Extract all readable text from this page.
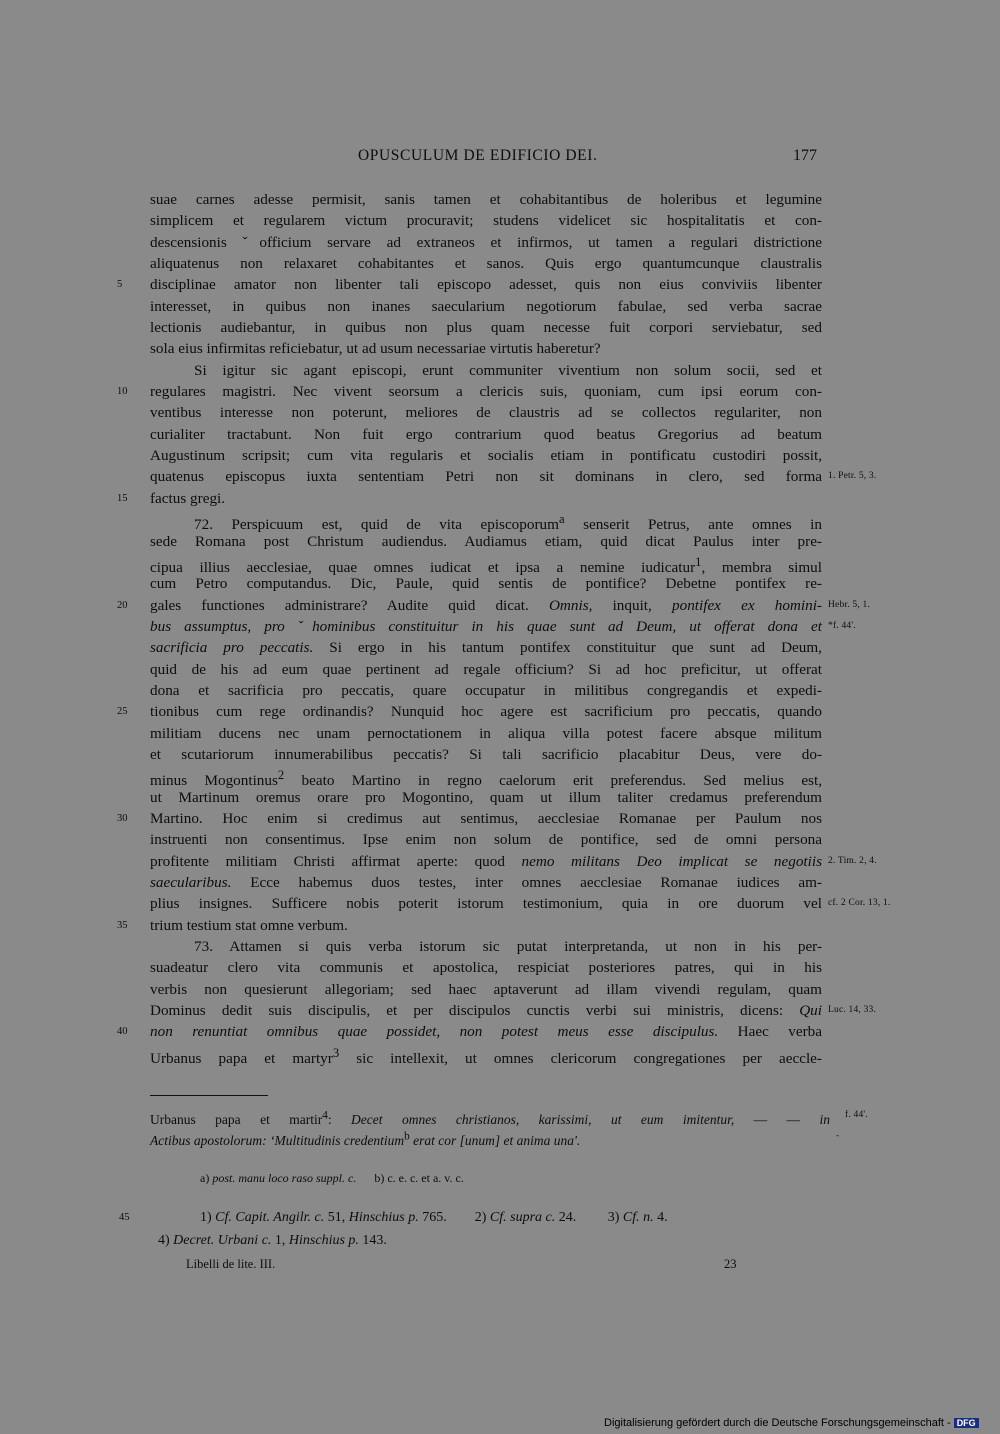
OPUSCULUM DE EDIFICIO DEI.	177
suae carnes adesse permisit, sanis tamen et cohabitantibus de holeribus et legumine
simplicem et regularem victum procuravit; studens videlicet sic hospitalitatis et con-
descensionis ˇofficium servare ad extraneos et infirmos, ut tamen a regulari districtione
aliquatenus non relaxaret cohabitantes et sanos. Quis ergo quantumcunque claustralis
disciplinae amator non libenter tali episcopo adesset, quis non eius conviviis libenter
5
interesset, in quibus non inanes saecularium negotiorum fabulae, sed verba sacrae
lectionis audiebantur, in quibus non plus quam necesse fuit corpori serviebatur, sed
sola eius infirmitas reficiebatur, ut ad usum necessariae virtutis haberetur?
Si igitur sic agant episcopi, erunt communiter viventium non solum socii, sed et
regulares magistri. Nec vivent seorsum a clericis suis, quoniam, cum ipsi eorum con-
10
ventibus interesse non poterunt, meliores de claustris ad se collectos regulariter, non
curialiter tractabunt. Non fuit ergo contrarium quod beatus Gregorius ad beatum
Augustinum scripsit; cum vita regularis et socialis etiam in pontificatu custodiri possit,
quatenus episcopus iuxta sententiam Petri non sit dominans in clero, sed forma 1. Petr. 5, 3.
factus gregi.
15
72. Perspicuum est, quid de vita episcoporum$^a$ senserit Petrus, ante omnes in
sede Romana post Christum audiendus. Audiamus etiam, quid dicat Paulus inter pre-
cipua illius aecclesiae, quae omnes iudicat et ipsa a nemine iudicatur$^1$, membra simul
cum Petro computandus. Dic, Paule, quid sentis de pontifice? Debetne pontifex re-
gales functiones administrare? Audite quid dicat. Omnis, inquit, pontifex ex homini-
20	Hebr. 5, 1.
bus assumptus, pro ˇhominibus constituitur in his quae sunt ad Deum, ut offerat dona et *f. 44'.
sacrificia pro peccatis. Si ergo in his tantum pontifex constituitur que sunt ad Deum,
quid de his ad eum quae pertinent ad regale officium? Si ad hoc preficitur, ut offerat
dona et sacrificia pro peccatis, quare occupatur in militibus congregandis et expedi-
tionibus cum rege ordinandis? Nunquid hoc agere est sacrificium pro peccatis, quando
25
militiam ducens nec unam pernoctationem in aliqua villa potest facere absque militum
et scutariorum innumerabilibus peccatis? Si tali sacrificio placabitur Deus, vere do-
minus Mogontinus$^2$ beato Martino in regno caelorum erit preferendus. Sed melius est,
ut Martinum oremus orare pro Mogontino, quam ut illum taliter credamus preferendum
Martino. Hoc enim si credimus aut sentimus, aecclesiae Romanae per Paulum nos
30
instruenti non consentimus. Ipse enim non solum de pontifice, sed de omni persona
profitente militiam Christi affirmat aperte: quod nemo militans Deo implicat se negotiis 2. Tim. 2, 4.
saecularibus. Ecce habemus duos testes, inter omnes aecclesiae Romanae iudices am-
plius insignes. Sufficere nobis poterit istorum testimonium, quia in ore duorum vel cf. 2 Cor. 13, 1.
trium testium stat omne verbum.
35
73. Attamen si quis verba istorum sic putat interpretanda, ut non in his per-
suadeatur clero vita communis et apostolica, respiciat posteriores patres, qui in his
verbis non quesierunt allegoriam; sed haec aptaverunt ad illam vivendi regulam, quam
Dominus dedit suis discipulis, et per discipulos cunctis verbi sui ministris, dicens: Qui Luc. 14, 33.
non renuntiat omnibus quae possidet, non potest meus esse discipulus. Haec verba
40
Urbanus papa et martyr$^3$ sic intellexit, ut omnes clericorum congregationes per aeccle-
Urbanus papa et martir$^4$: Decet omnes christianos, karissimi, ut eum imitentur, — — in f. 44'.
Actibus apostolorum: ʻMultitudinis credentium$^b$ erat cor [unum] et anima una'.	-
a) post. manu loco raso suppl. c.      b) c. e. c. et a. v. c.
45	1) Cf. Capit. Angilr. c. 51, Hinschius p. 765.        2) Cf. supra c. 24.         3) Cf. n. 4.
4) Decret. Urbani c. 1, Hinschius p. 143.
Libelli de lite. III.	23
Digitalisierung gefördert durch die Deutsche Forschungsgemeinschaft - DFG
